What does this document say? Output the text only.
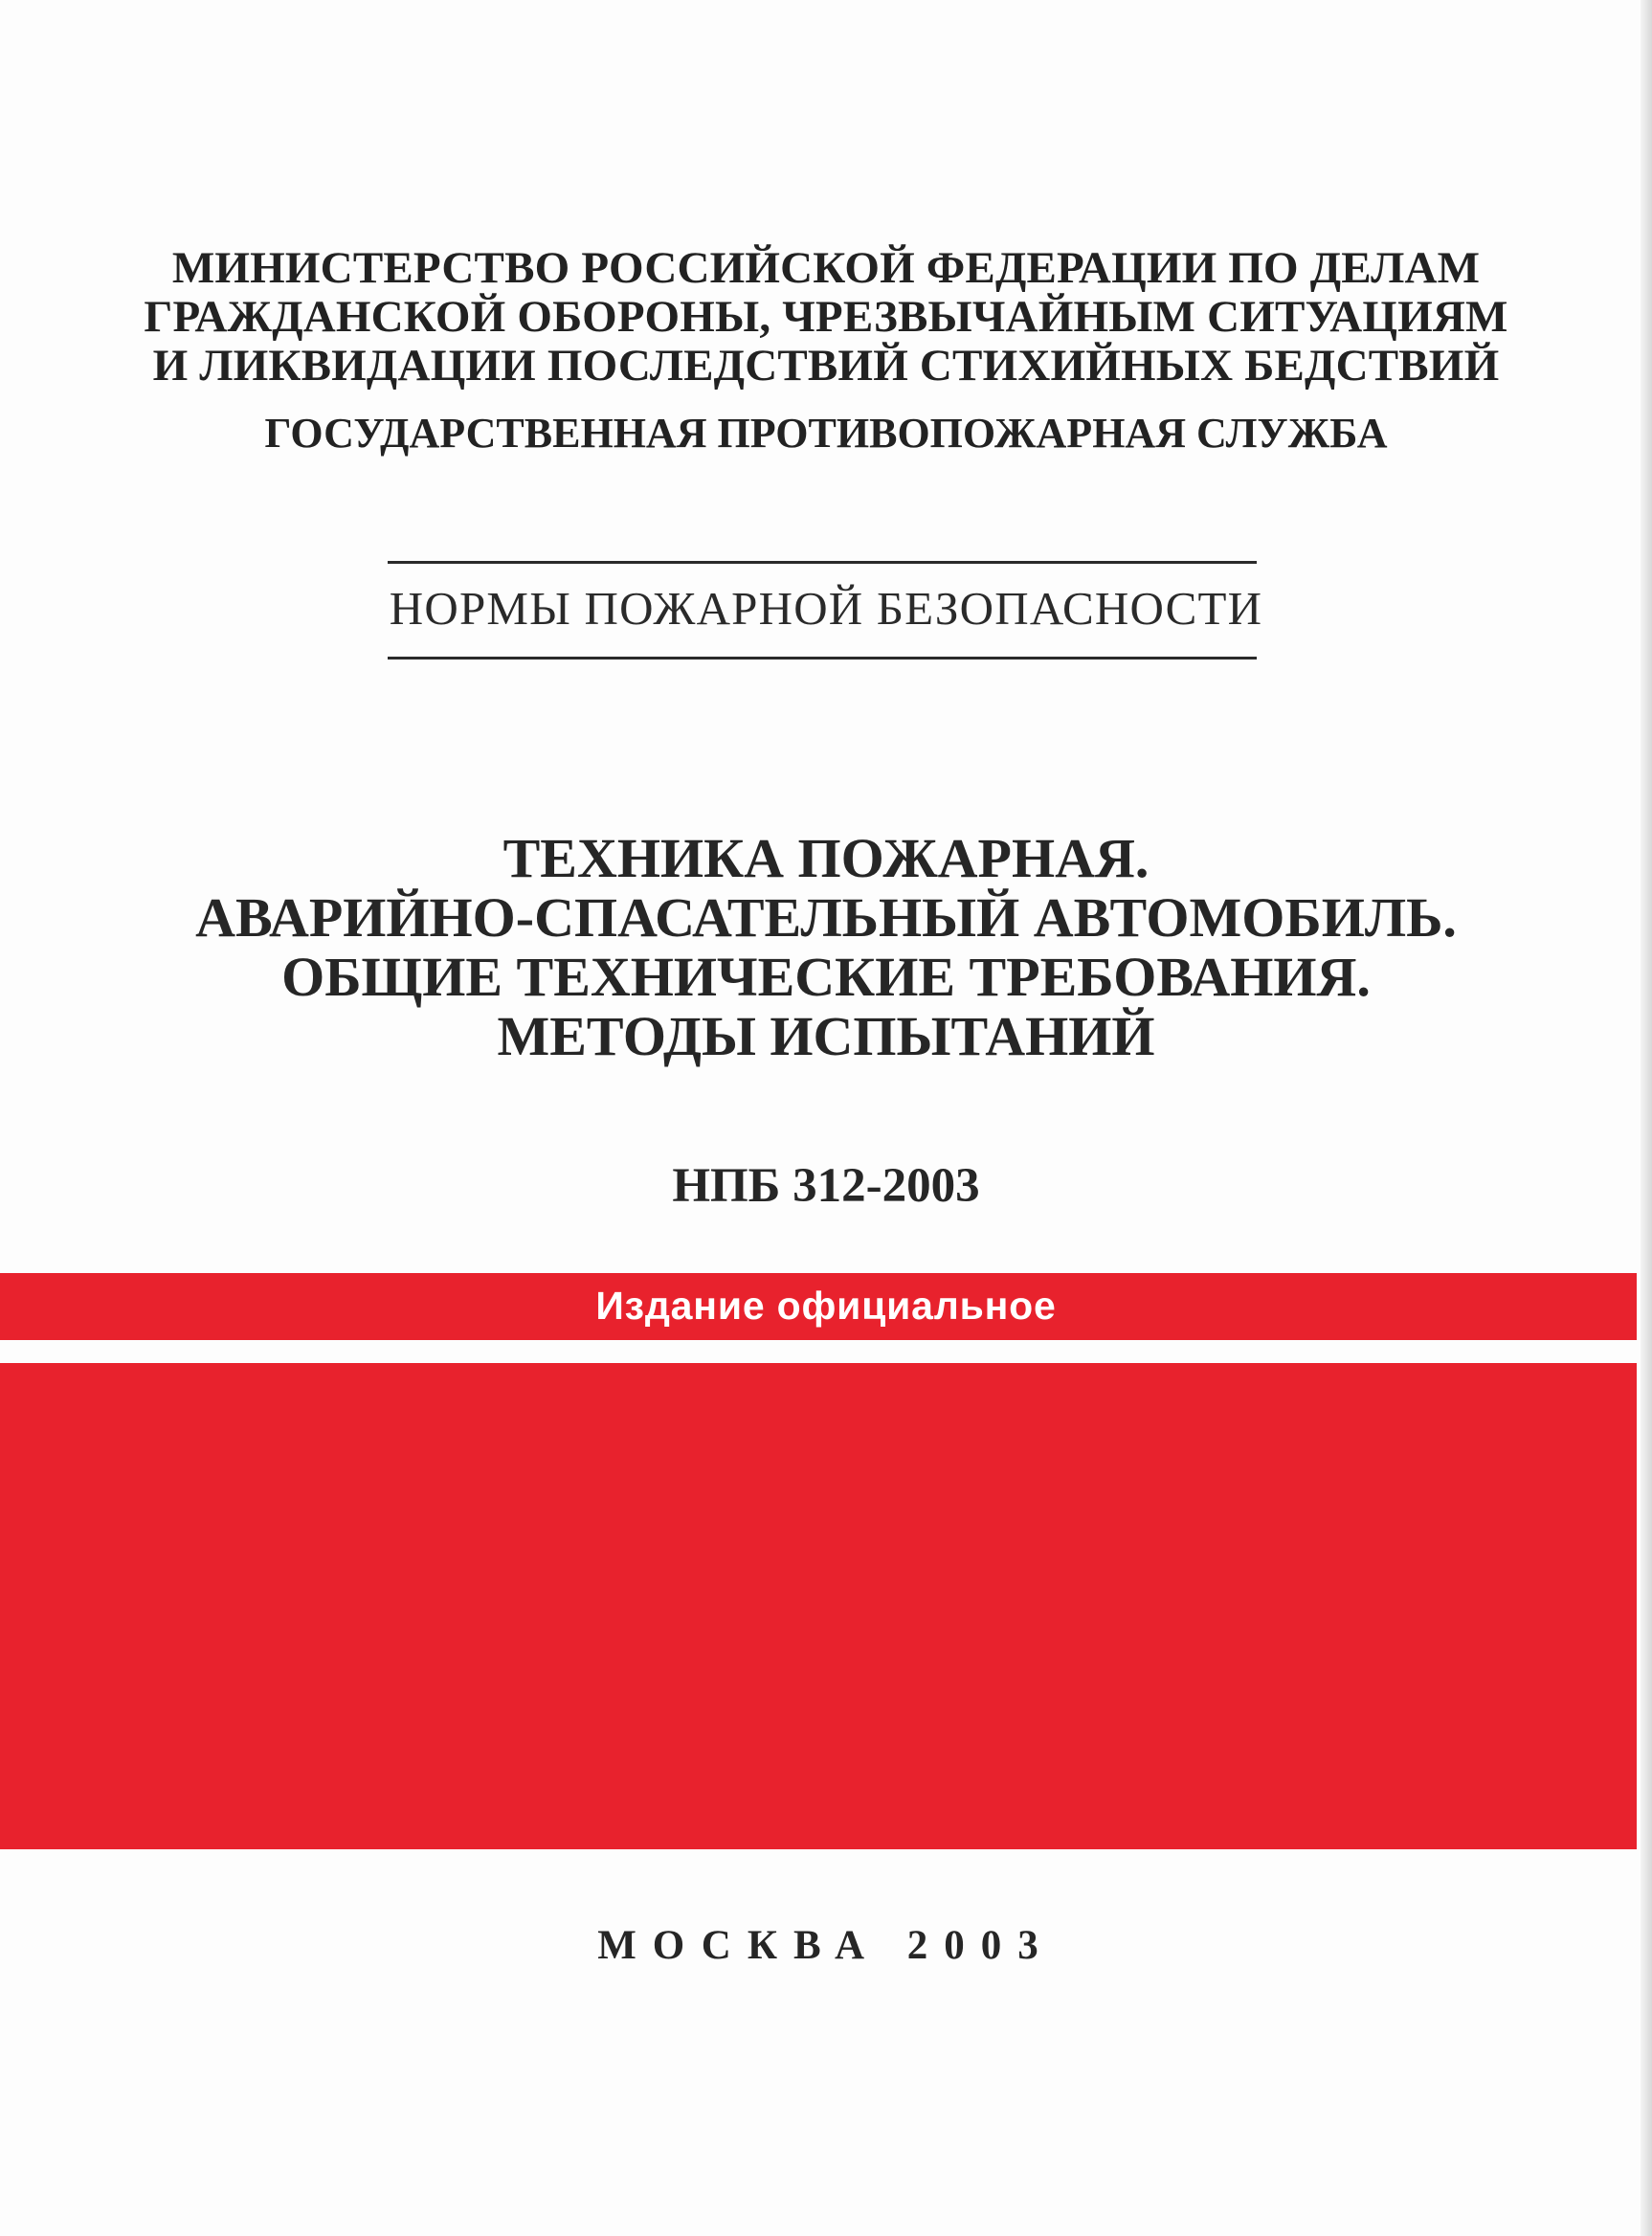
МИНИСТЕРСТВО РОССИЙСКОЙ ФЕДЕРАЦИИ ПО ДЕЛАМ
ГРАЖДАНСКОЙ ОБОРОНЫ, ЧРЕЗВЫЧАЙНЫМ СИТУАЦИЯМ
И ЛИКВИДАЦИИ ПОСЛЕДСТВИЙ СТИХИЙНЫХ БЕДСТВИЙ
ГОСУДАРСТВЕННАЯ ПРОТИВОПОЖАРНАЯ СЛУЖБА
НОРМЫ ПОЖАРНОЙ БЕЗОПАСНОСТИ
ТЕХНИКА ПОЖАРНАЯ.
АВАРИЙНО-СПАСАТЕЛЬНЫЙ АВТОМОБИЛЬ.
ОБЩИЕ ТЕХНИЧЕСКИЕ ТРЕБОВАНИЯ.
МЕТОДЫ ИСПЫТАНИЙ
НПБ 312-2003
Издание официальное
МОСКВА 2003
